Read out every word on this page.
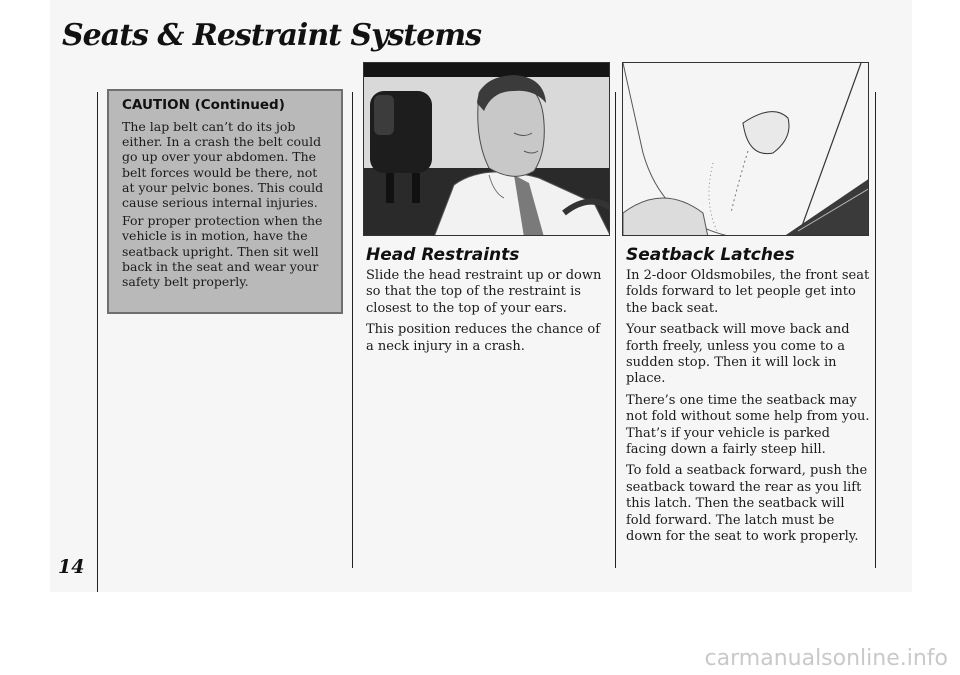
Seats & Restraint Systems
14
CAUTION (Continued)

The lap belt can’t do its job either. In a crash the belt could go up over your abdomen. The belt forces would be there, not at your pelvic bones. This could cause serious internal injuries.

For proper protection when the vehicle is in motion, have the seatback upright. Then sit well back in the seat and wear your safety belt properly.

Head Restraints

Slide the head restraint up or down so that the top of the restraint is closest to the top of your ears.

This position reduces the chance of a neck injury in a crash.

Seatback Latches

In 2-door Oldsmobiles, the front seat folds forward to let people get into the back seat.

Your seatback will move back and forth freely, unless you come to a sudden stop. Then it will lock in place.

There’s one time the seatback may not fold without some help from you. That’s if your vehicle is parked facing down a fairly steep hill.

To fold a seatback forward, push the seatback toward the rear as you lift this latch. Then the seatback will fold forward. The latch must be down for the seat to work properly.

carmanualsonline.info
